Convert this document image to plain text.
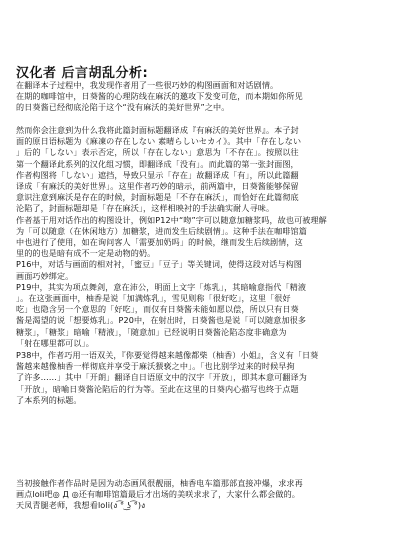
汉化者 后言胡乱分析:
在翻译本子过程中，我发现作者用了一些很巧妙的构图画面和对话剧情。
在期的咖啡馆中，日葵酱的心理防线在麻沃的邀攻下发变可危，而本期如你所见
的日葵酱已经彻底沦陷于这个“没有麻沃的美好世界”之中。
然而你会注意到为什么我将此篇封面标题翻译成『有麻沃的美好世界』。本子封
面的原日语标题为《麻凍の存在しない 素晴らしいセカイ》。其中「存在しない
」后的「しない」表示否定，所以「存在しない」意思为「不存在」。按照以往
第一个翻译此系列的汉化组习惯，即翻译成「没有」。而此篇的第一张封面图，
作者构图将「しない」遮挡，导致只显示「存在」故翻译成「有」，所以此篇翻
译成「有麻沃的美好世界」。这里作者巧妙的暗示，前两篇中，日葵酱能够保留
意识注意到麻沃是存在的时候，封面标题是「不存在麻沃」，而恰好在此篇彻底
沦陷了，封面标题却是「存在麻沃」，这样相映衬的手法确实耐人寻味。
作者基于用对话作出的构图设计，例如P12中“吻”字可以随意加糖浆吗，故也可被理解
为「可以随意（在休闲地方）加糖浆，进而发生后续剧情」。这种手法在咖啡馆篇
中也进行了使用，如在询问客人「需要加奶吗」的时候，继而发生后续剧情，这
里的的也是暗有成不一定是动物的奶。
P16中，对话与画面的相对衬，「蜜豆」「豆子」等关键词，使得这段对话与构图
画面巧妙绑定。
P19中，其实为项点舞剑，意在沛公，明面上文字「炼乳」，其暗喻意指代「精液
」。在这张画面中，柚香是说「加满炼乳」，雪见则称「很好吃」，这里「很好
吃」也隐含另一个意思的「好吃」，而仅有日葵酱未能如愿以偿，所以只有日葵
酱是渴望的说「想要炼乳」。P20中，在射出时，日葵酱也是说「可以随意加很多
糖浆」，「糖浆」暗喻「精液」，「随意加」已经说明日葵酱沦陷态度非确意为
「射在哪里都可以」。
P38中，作者巧用一语双关，『你要觉得越来越像都柴（柚香）小姐』，含义有「日葵
酱越来越像柚香一样彻底并享受于麻沃猥亵之中」。「也比别学过来的时候早拘
了许多……」其中「开朗」翻译自日语原文中的汉字「开放」，即其本意可翻译为
「开放」，暗喻日葵酱沦陷后的行为等。至此在这里的日葵内心描写也终于点题
了本系列的标题。
当初接触作者作品时是因为动态画风很靓丽，柚香电车篇那部直接冲爆，求求再
画点loli吧◎ Д ◎还有咖啡馆篇最后才出场的美咲求求了，大家什么都会做的。
天凤青腿老师，我想看loli(ง ͡° ͜ʖ ͡°)ง
